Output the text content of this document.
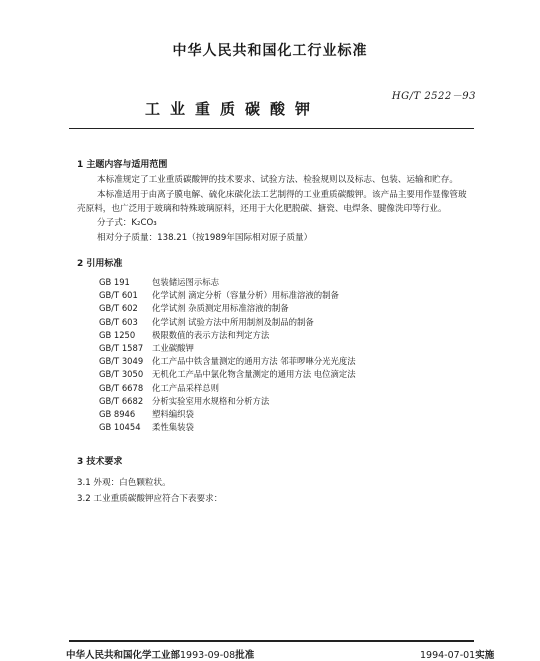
中华人民共和国化工行业标准
HG/T 2522－93
工业重质碳酸钾
1 主题内容与适用范围
本标准规定了工业重质碳酸钾的技术要求、试验方法、检验规则以及标志、包装、运输和贮存。
本标准适用于由离子膜电解、硫化床碳化法工艺制得的工业重质碳酸钾。该产品主要用作显像管玻
壳原料，也广泛用于玻璃和特殊玻璃原料，还用于大化肥脱碳、搪瓷、电焊条、腱像洗印等行业。
分子式：K₂CO₃
相对分子质量：138.21（按1989年国际相对原子质量）
2 引用标准
GB 191	包装储运图示标志
GB/T 601	化学试剂 滴定分析（容量分析）用标准溶液的制备
GB/T 602	化学试剂 杂质测定用标准溶液的制备
GB/T 603	化学试剂 试验方法中所用制剂及制品的制备
GB 1250	极限数值的表示方法和判定方法
GB/T 1587	工业碳酸钾
GB/T 3049	化工产品中铁含量测定的通用方法 邻菲啰啉分光光度法
GB/T 3050	无机化工产品中氯化物含量测定的通用方法 电位滴定法
GB/T 6678	化工产品采样总则
GB/T 6682	分析实验室用水规格和分析方法
GB 8946	塑料编织袋
GB 10454	柔性集装袋
3 技术要求
3.1 外观：白色颗粒状。
3.2 工业重质碳酸钾应符合下表要求：
中华人民共和国化学工业部1993-09-08批准	1994-07-01实施
